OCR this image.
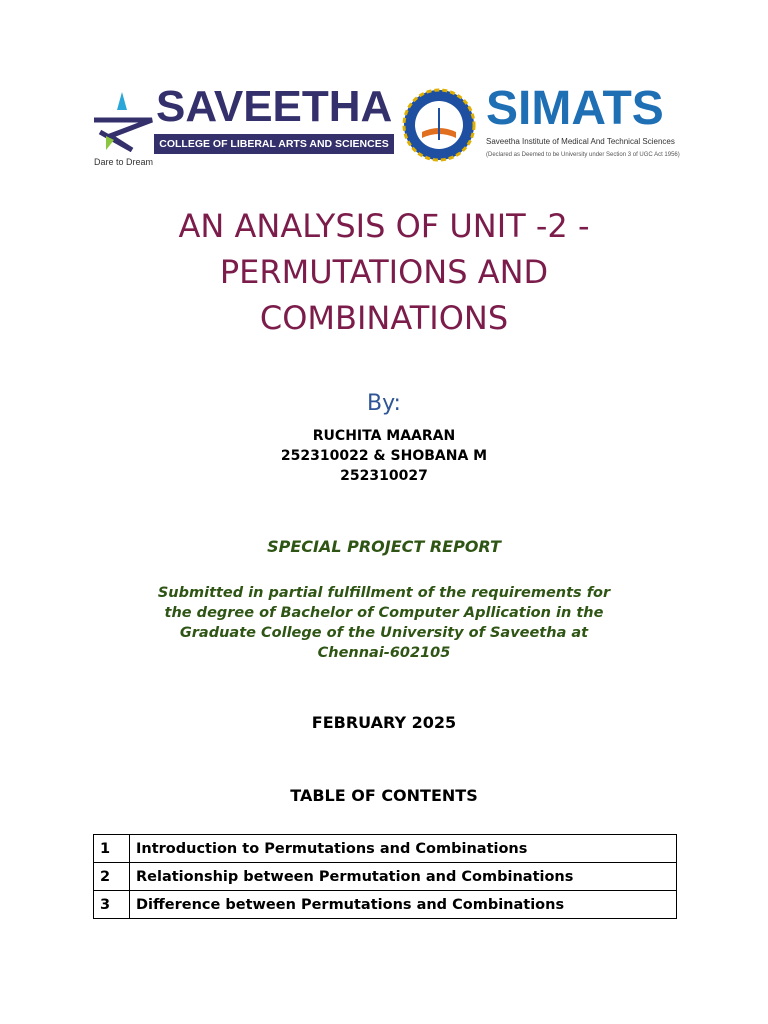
SAVEETHA
COLLEGE OF LIBERAL ARTS AND SCIENCES
Dare to Dream
SIMATS
Saveetha Institute of Medical And Technical Sciences
(Declared as Deemed to be University under Section 3 of UGC Act 1956)
AN ANALYSIS OF UNIT -2 -
PERMUTATIONS AND
COMBINATIONS
By:
RUCHITA MAARAN
252310022 & SHOBANA M
252310027
SPECIAL PROJECT REPORT
Submitted in partial fulfillment of the requirements for
the degree of Bachelor of Computer Apllication in the
Graduate College of the University of Saveetha at
Chennai-602105
FEBRUARY 2025
TABLE OF CONTENTS
1	Introduction to Permutations and Combinations
2	Relationship between Permutation and Combinations
3	Difference between Permutations and Combinations
